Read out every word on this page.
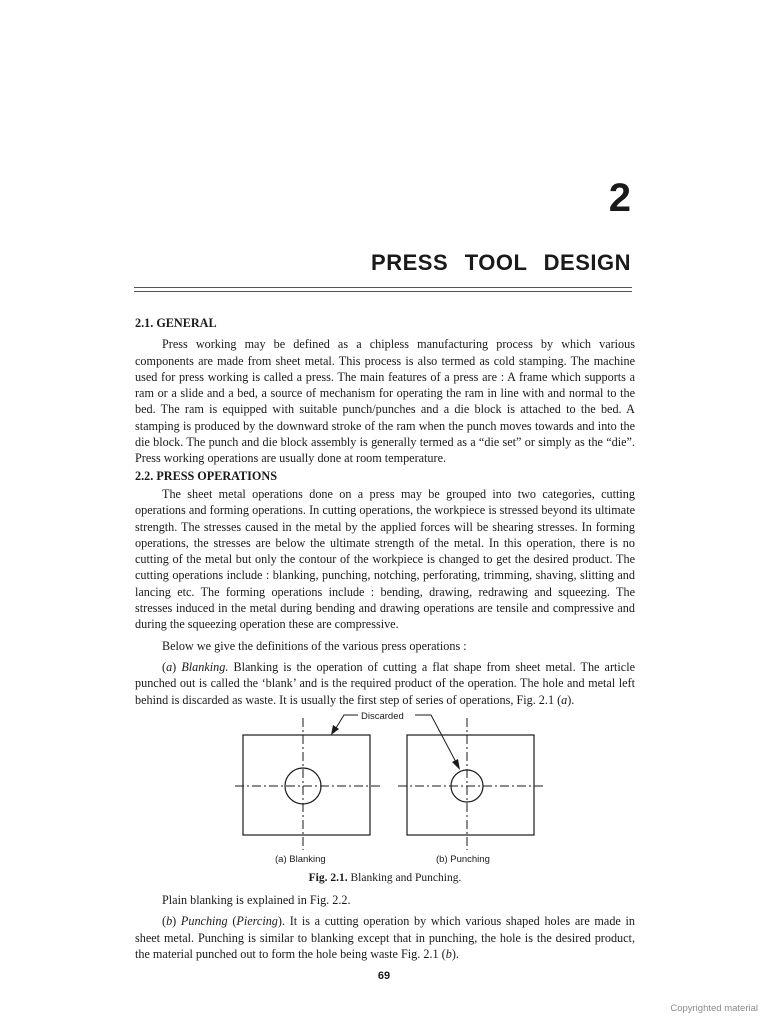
2
PRESS TOOL DESIGN
2.1. GENERAL

Press working may be defined as a chipless manufacturing process by which various components are made from sheet metal. This process is also termed as cold stamping. The machine used for press working is called a press. The main features of a press are : A frame which supports a ram or a slide and a bed, a source of mechanism for operating the ram in line with and normal to the bed. The ram is equipped with suitable punch/punches and a die block is attached to the bed. A stamping is produced by the downward stroke of the ram when the punch moves towards and into the die block. The punch and die block assembly is generally termed as a “die set” or simply as the “die”. Press working operations are usually done at room temperature.

2.2. PRESS OPERATIONS

The sheet metal operations done on a press may be grouped into two categories, cutting operations and forming operations. In cutting operations, the workpiece is stressed beyond its ultimate strength. The stresses caused in the metal by the applied forces will be shearing stresses. In forming operations, the stresses are below the ultimate strength of the metal. In this operation, there is no cutting of the metal but only the contour of the workpiece is changed to get the desired product. The cutting operations include : blanking, punching, notching, perforating, trimming, shaving, slitting and lancing etc. The forming operations include : bending, drawing, redrawing and squeezing. The stresses induced in the metal during bending and drawing operations are tensile and compressive and during the squeezing operation these are compressive.

Below we give the definitions of the various press operations :

(a) Blanking. Blanking is the operation of cutting a flat shape from sheet metal. The article punched out is called the ‘blank’ and is the required product of the operation. The hole and metal left behind is discarded as waste. It is usually the first step of series of operations, Fig. 2.1 (a).

Discarded
(a) Blanking	(b) Punching

Fig. 2.1. Blanking and Punching.

Plain blanking is explained in Fig. 2.2.

(b) Punching (Piercing). It is a cutting operation by which various shaped holes are made in sheet metal. Punching is similar to blanking except that in punching, the hole is the desired product, the material punched out to form the hole being waste Fig. 2.1 (b).

69
Copyrighted material
